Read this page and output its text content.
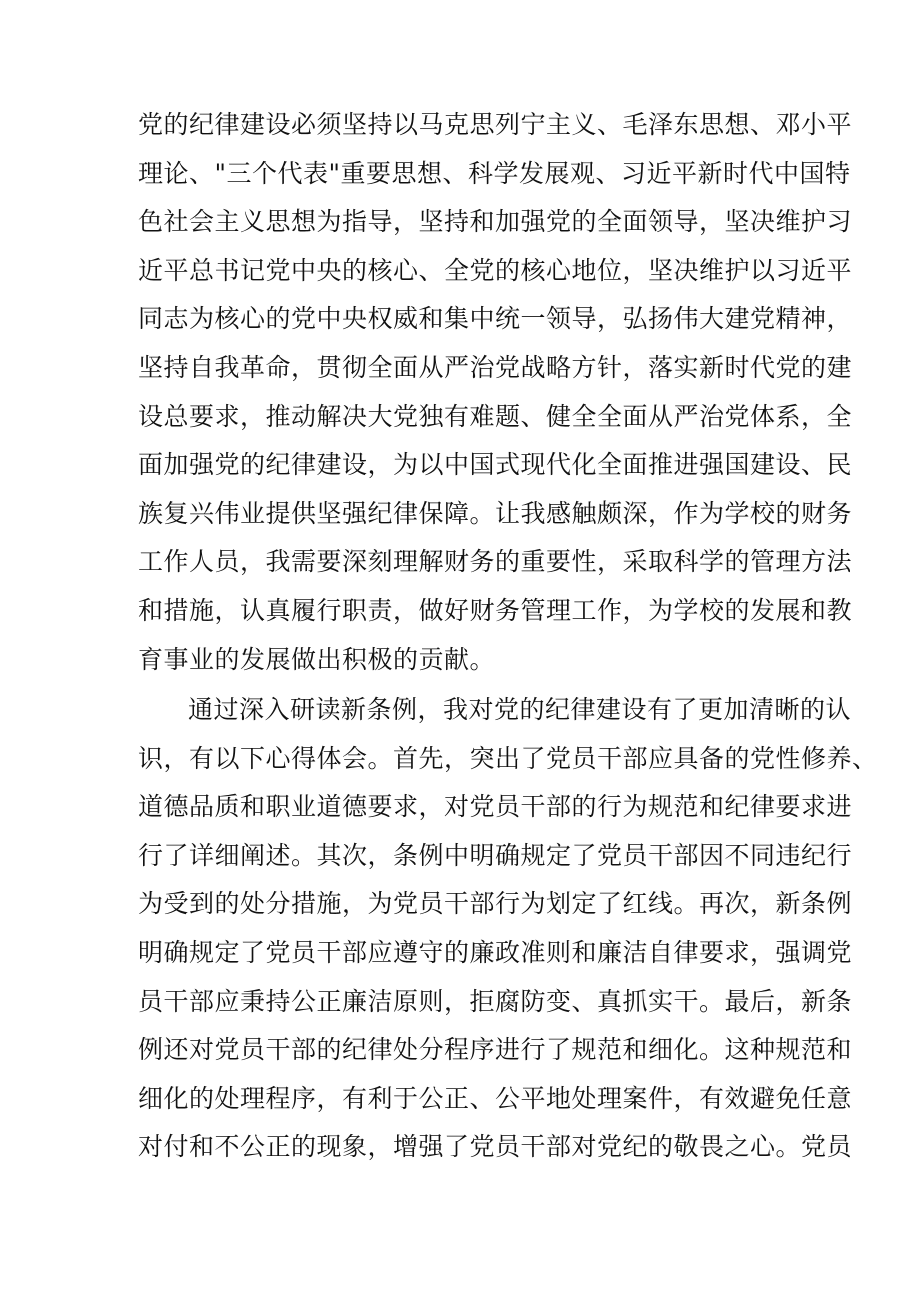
党的纪律建设必须坚持以马克思列宁主义、毛泽东思想、邓小平
理论、"三个代表"重要思想、科学发展观、习近平新时代中国特
色社会主义思想为指导，坚持和加强党的全面领导，坚决维护习
近平总书记党中央的核心、全党的核心地位，坚决维护以习近平
同志为核心的党中央权威和集中统一领导，弘扬伟大建党精神，
坚持自我革命，贯彻全面从严治党战略方针，落实新时代党的建
设总要求，推动解决大党独有难题、健全全面从严治党体系，全
面加强党的纪律建设，为以中国式现代化全面推进强国建设、民
族复兴伟业提供坚强纪律保障。让我感触颇深，作为学校的财务
工作人员，我需要深刻理解财务的重要性，采取科学的管理方法
和措施，认真履行职责，做好财务管理工作，为学校的发展和教
育事业的发展做出积极的贡献。
通过深入研读新条例，我对党的纪律建设有了更加清晰的认
识，有以下心得体会。首先，突出了党员干部应具备的党性修养、
道德品质和职业道德要求，对党员干部的行为规范和纪律要求进
行了详细阐述。其次，条例中明确规定了党员干部因不同违纪行
为受到的处分措施，为党员干部行为划定了红线。再次，新条例
明确规定了党员干部应遵守的廉政准则和廉洁自律要求，强调党
员干部应秉持公正廉洁原则，拒腐防变、真抓实干。最后，新条
例还对党员干部的纪律处分程序进行了规范和细化。这种规范和
细化的处理程序，有利于公正、公平地处理案件，有效避免任意
对付和不公正的现象，增强了党员干部对党纪的敬畏之心。党员
